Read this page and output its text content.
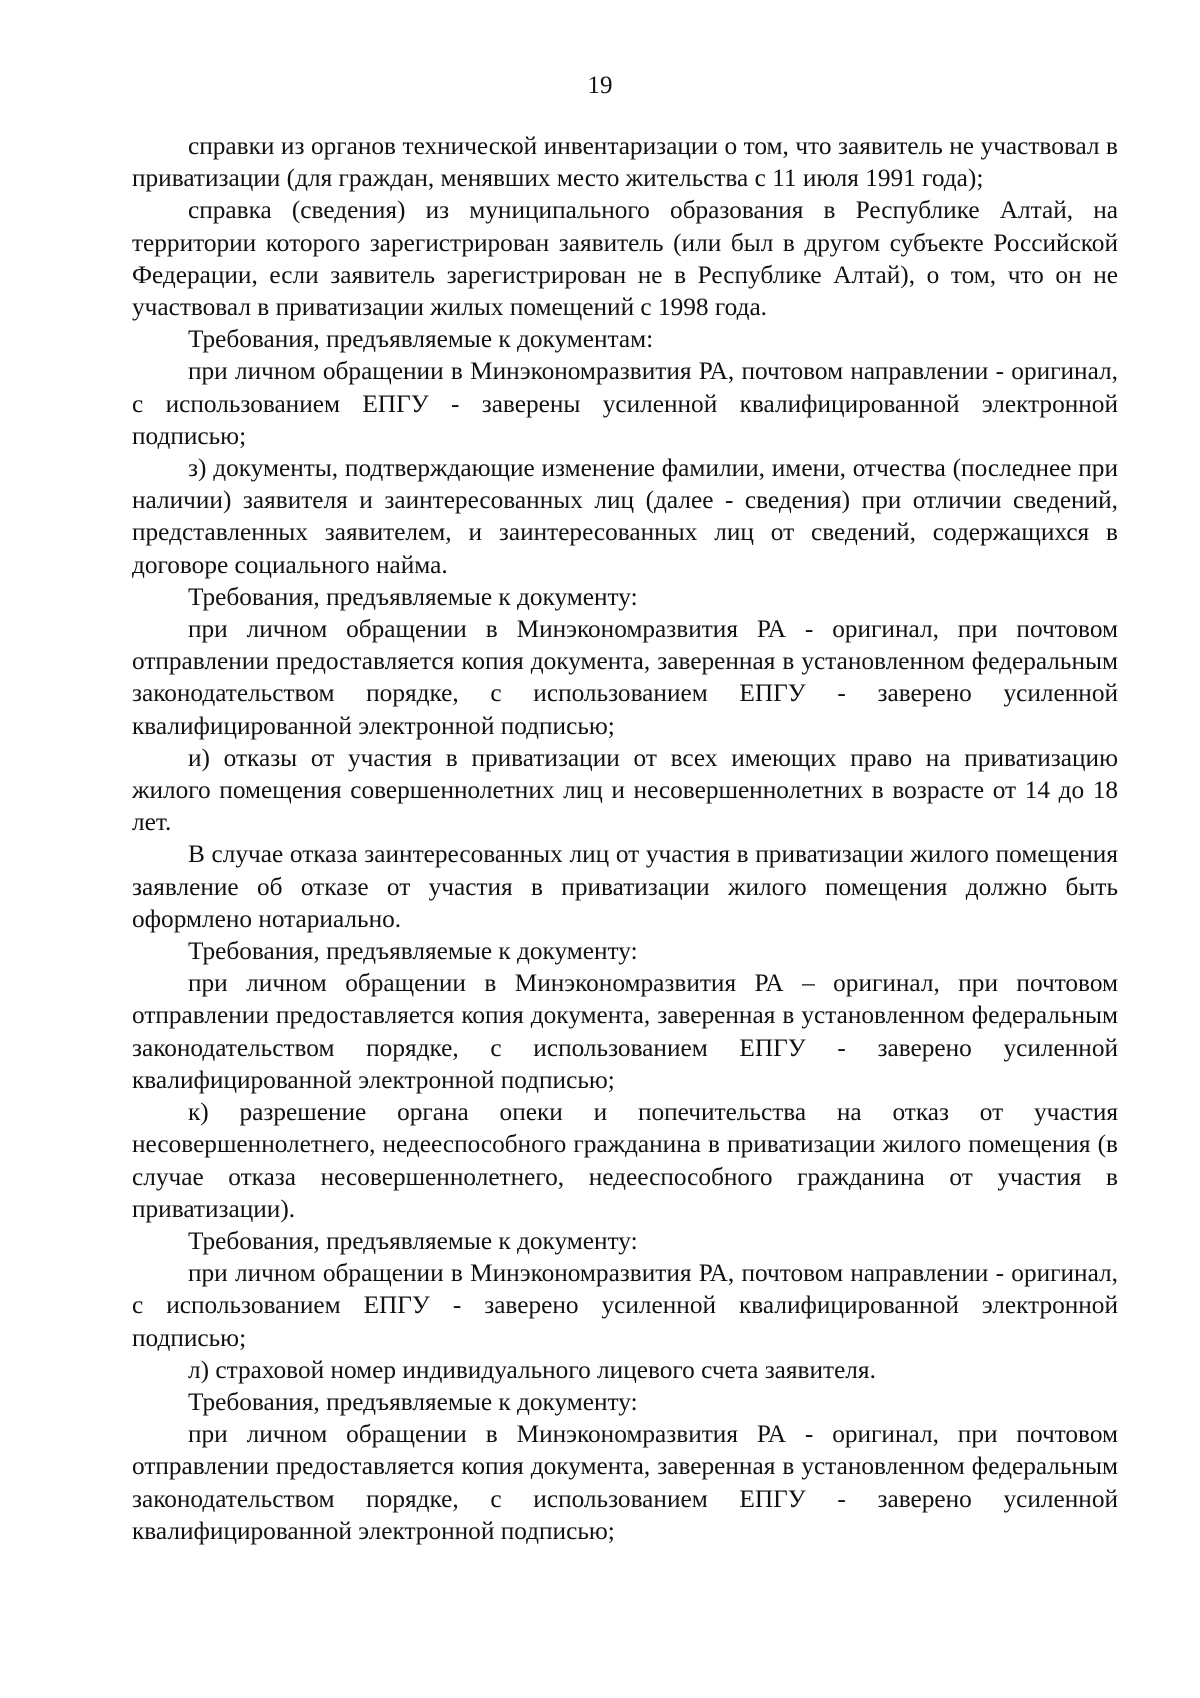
19

справки из органов технической инвентаризации о том, что заявитель не участвовал в приватизации (для граждан, менявших место жительства с 11 июля 1991 года);

справка (сведения) из муниципального образования в Республике Алтай, на территории которого зарегистрирован заявитель (или был в другом субъекте Российской Федерации, если заявитель зарегистрирован не в Республике Алтай), о том, что он не участвовал в приватизации жилых помещений с 1998 года.

Требования, предъявляемые к документам:

при личном обращении в Минэкономразвития РА, почтовом направлении - оригинал, с использованием ЕПГУ - заверены усиленной квалифицированной электронной подписью;

з) документы, подтверждающие изменение фамилии, имени, отчества (последнее при наличии) заявителя и заинтересованных лиц (далее - сведения) при отличии сведений, представленных заявителем, и заинтересованных лиц от сведений, содержащихся в договоре социального найма.

Требования, предъявляемые к документу:

при личном обращении в Минэкономразвития РА - оригинал, при почтовом отправлении предоставляется копия документа, заверенная в установленном федеральным законодательством порядке, с использованием ЕПГУ - заверено усиленной квалифицированной электронной подписью;

и) отказы от участия в приватизации от всех имеющих право на приватизацию жилого помещения совершеннолетних лиц и несовершеннолетних в возрасте от 14 до 18 лет.

В случае отказа заинтересованных лиц от участия в приватизации жилого помещения заявление об отказе от участия в приватизации жилого помещения должно быть оформлено нотариально.

Требования, предъявляемые к документу:

при личном обращении в Минэкономразвития РА – оригинал, при почтовом отправлении предоставляется копия документа, заверенная в установленном федеральным законодательством порядке, с использованием ЕПГУ - заверено усиленной квалифицированной электронной подписью;

к) разрешение органа опеки и попечительства на отказ от участия несовершеннолетнего, недееспособного гражданина в приватизации жилого помещения (в случае отказа несовершеннолетнего, недееспособного гражданина от участия в приватизации).

Требования, предъявляемые к документу:

при личном обращении в Минэкономразвития РА, почтовом направлении - оригинал, с использованием ЕПГУ - заверено усиленной квалифицированной электронной подписью;

л) страховой номер индивидуального лицевого счета заявителя.

Требования, предъявляемые к документу:

при личном обращении в Минэкономразвития РА - оригинал, при почтовом отправлении предоставляется копия документа, заверенная в установленном федеральным законодательством порядке, с использованием ЕПГУ - заверено усиленной квалифицированной электронной подписью;
